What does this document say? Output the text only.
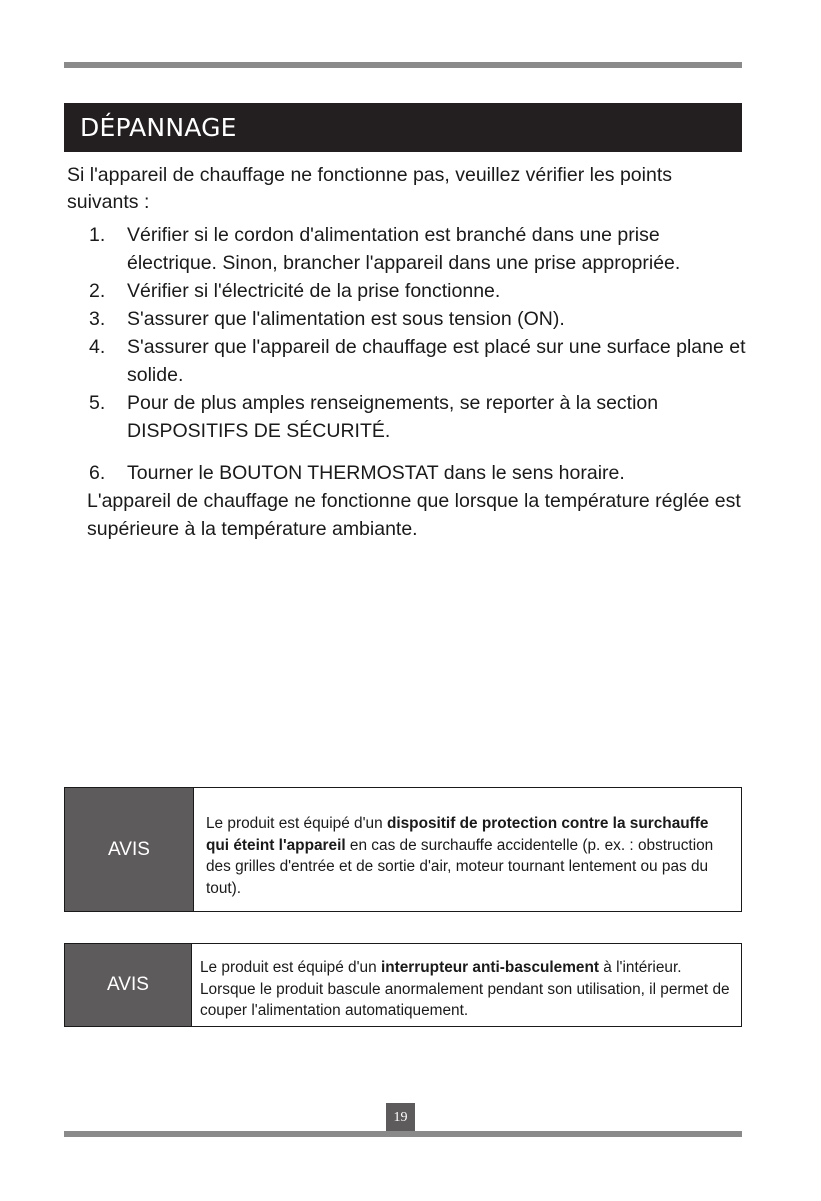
DÉPANNAGE
Si l'appareil de chauffage ne fonctionne pas, veuillez vérifier les points suivants :
1. Vérifier si le cordon d'alimentation est branché dans une prise électrique. Sinon, brancher l'appareil dans une prise appropriée.
2. Vérifier si l'électricité de la prise fonctionne.
3. S'assurer que l'alimentation est sous tension (ON).
4. S'assurer que l'appareil de chauffage est placé sur une surface plane et solide.
5. Pour de plus amples renseignements, se reporter à la section DISPOSITIFS DE SÉCURITÉ.
6. Tourner le BOUTON THERMOSTAT dans le sens horaire.
L'appareil de chauffage ne fonctionne que lorsque la température réglée est supérieure à la température ambiante.
AVIS
Le produit est équipé d'un dispositif de protection contre la surchauffe qui éteint l'appareil en cas de surchauffe accidentelle (p. ex. : obstruction des grilles d'entrée et de sortie d'air, moteur tournant lentement ou pas du tout).
AVIS
Le produit est équipé d'un interrupteur anti-basculement à l'intérieur. Lorsque le produit bascule anormalement pendant son utilisation, il permet de couper l'alimentation automatiquement.
19
